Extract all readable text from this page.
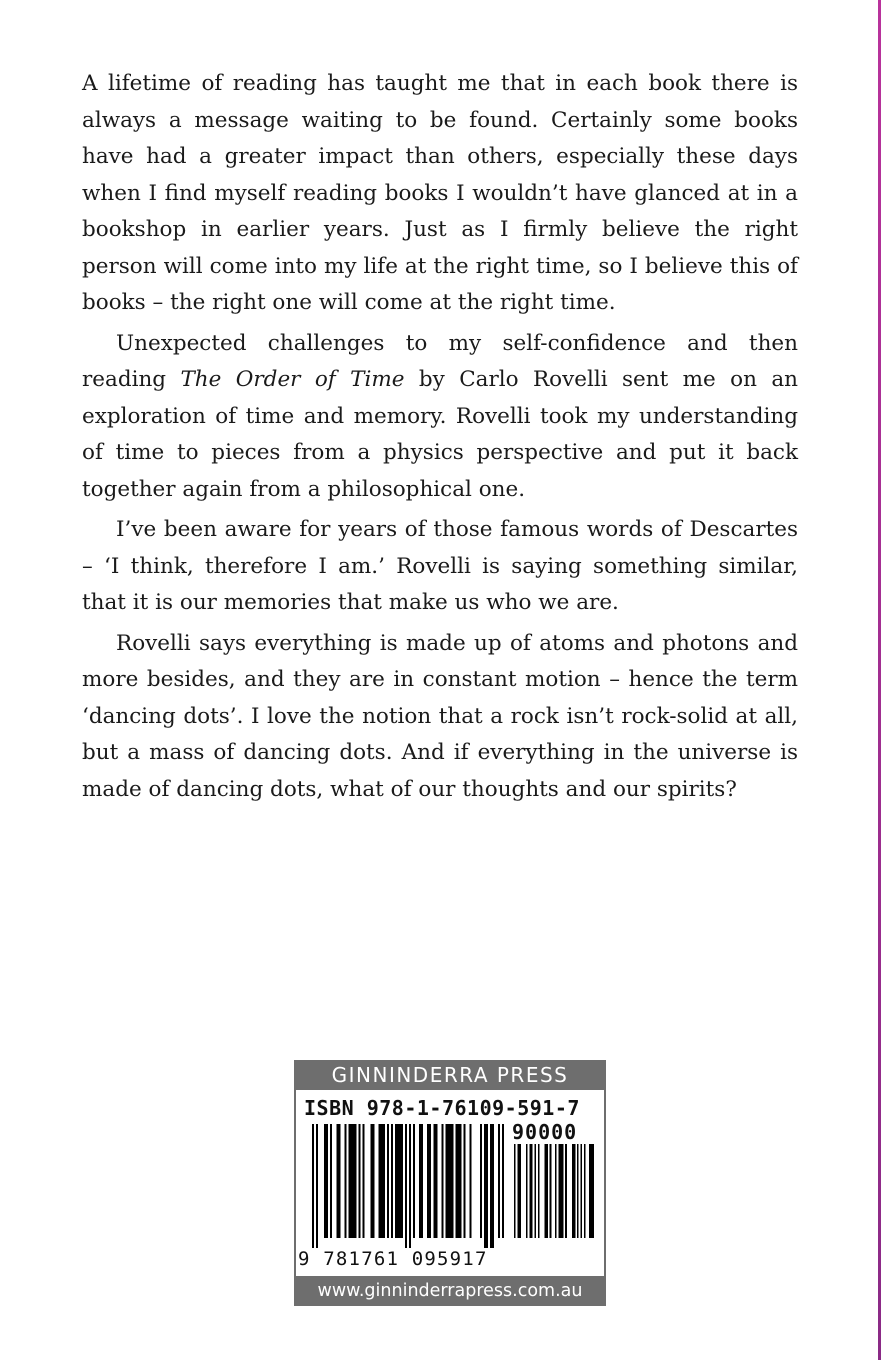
A lifetime of reading has taught me that in each book there is always a message waiting to be found. Certainly some books have had a greater impact than others, especially these days when I find myself reading books I wouldn’t have glanced at in a bookshop in earlier years. Just as I firmly believe the right person will come into my life at the right time, so I believe this of books – the right one will come at the right time.

Unexpected challenges to my self-confidence and then reading The Order of Time by Carlo Rovelli sent me on an exploration of time and memory. Rovelli took my understanding of time to pieces from a physics perspective and put it back together again from a philosophical one.

I’ve been aware for years of those famous words of Descartes – ‘I think, therefore I am.’ Rovelli is saying something similar, that it is our memories that make us who we are.

Rovelli says everything is made up of atoms and photons and more besides, and they are in constant motion – hence the term ‘dancing dots’. I love the notion that a rock isn’t rock-solid at all, but a mass of dancing dots. And if everything in the universe is made of dancing dots, what of our thoughts and our spirits?

GINNINDERRA PRESS
ISBN 978-1-76109-591-7
90000
9 781761 095917
www.ginninderrapress.com.au
